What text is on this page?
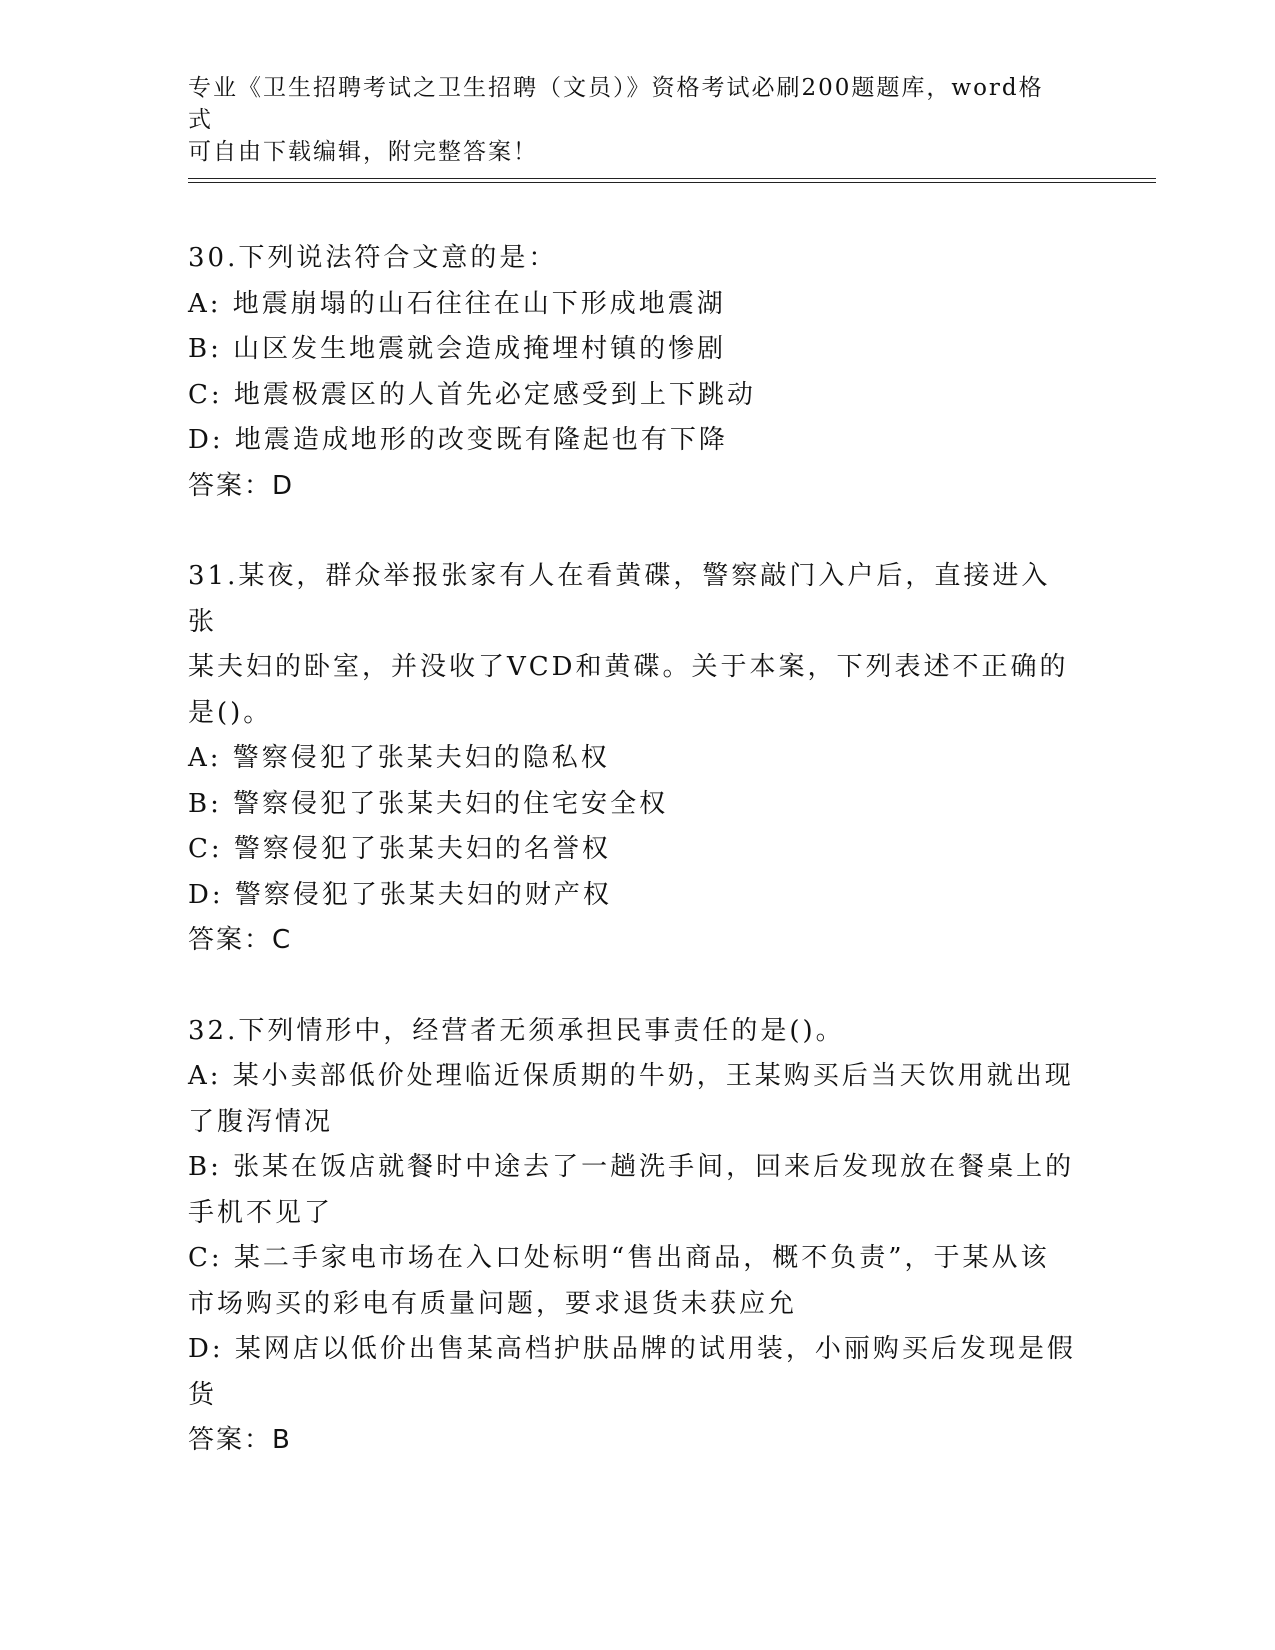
专业《卫生招聘考试之卫生招聘（文员）》资格考试必刷200题题库，word格式
可自由下载编辑，附完整答案！

30.下列说法符合文意的是：

A: 地震崩塌的山石往往在山下形成地震湖

B: 山区发生地震就会造成掩埋村镇的惨剧

C: 地震极震区的人首先必定感受到上下跳动

D: 地震造成地形的改变既有隆起也有下降

答案：D

31.某夜，群众举报张家有人在看黄碟，警察敲门入户后，直接进入张

某夫妇的卧室，并没收了VCD和黄碟。关于本案，下列表述不正确的

是()。

A: 警察侵犯了张某夫妇的隐私权

B: 警察侵犯了张某夫妇的住宅安全权

C: 警察侵犯了张某夫妇的名誉权

D: 警察侵犯了张某夫妇的财产权

答案：C

32.下列情形中，经营者无须承担民事责任的是()。

A: 某小卖部低价处理临近保质期的牛奶，王某购买后当天饮用就出现

了腹泻情况

B: 张某在饭店就餐时中途去了一趟洗手间，回来后发现放在餐桌上的

手机不见了

C: 某二手家电市场在入口处标明“售出商品，概不负责”，于某从该

市场购买的彩电有质量问题，要求退货未获应允

D: 某网店以低价出售某高档护肤品牌的试用装，小丽购买后发现是假

货

答案：B
